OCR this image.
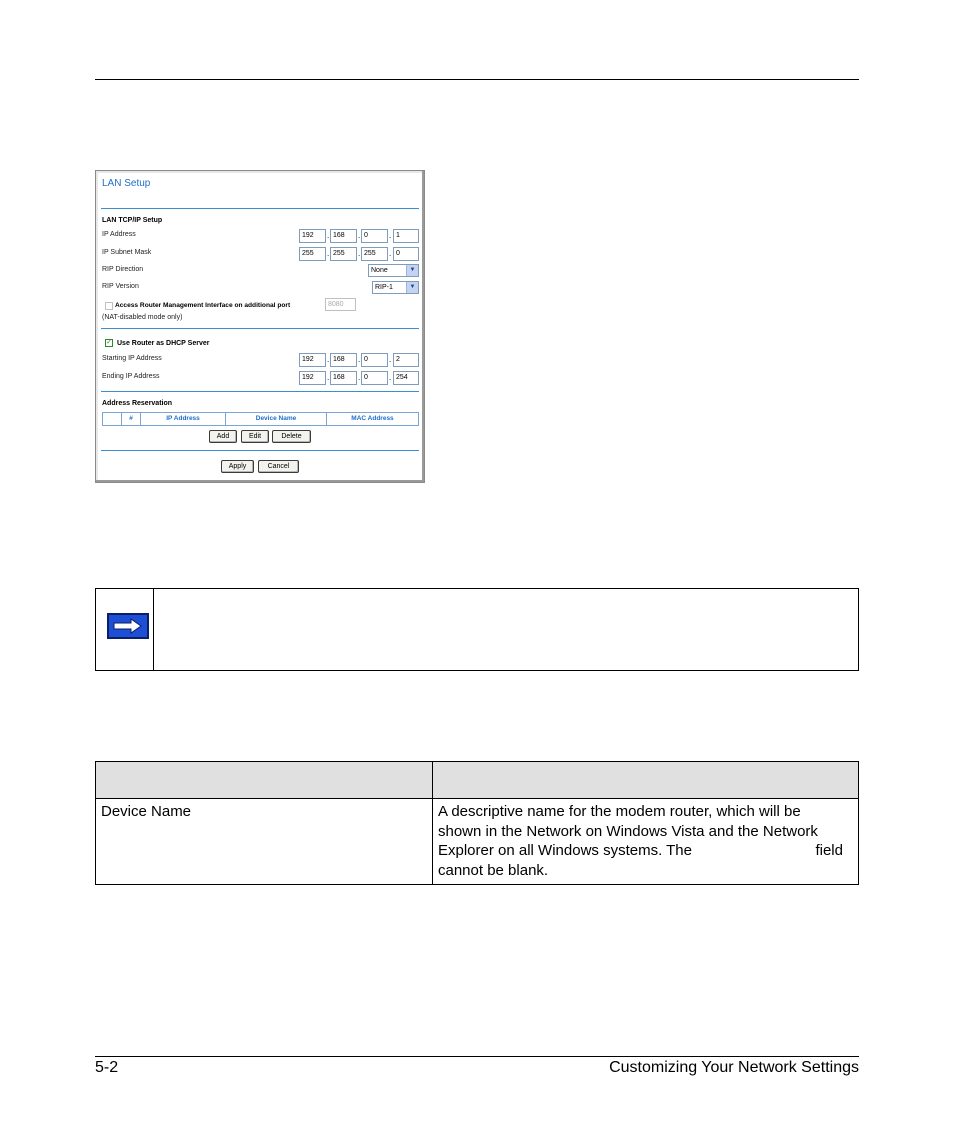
LAN Setup
LAN TCP/IP Setup
IP Address	192	. 168	. 0	. 1
IP Subnet Mask	255	. 255	. 255	. 0
RIP Direction	None	▼
RIP Version	RIP-1	▼
Access Router Management Interface on additional port	8080
(NAT-disabled mode only)
✓ Use Router as DHCP Server
Starting IP Address	192	. 168	. 0	. 2
Ending IP Address	192	. 168	. 0	. 254
Address Reservation
#	IP Address	Device Name	MAC Address
Add	Edit	Delete
Apply	Cancel

Device Name	A descriptive name for the modem router, which will be
shown in the Network on Windows Vista and the Network
Explorer on all Windows systems. The field
cannot be blank.
5-2	Customizing Your Network Settings
